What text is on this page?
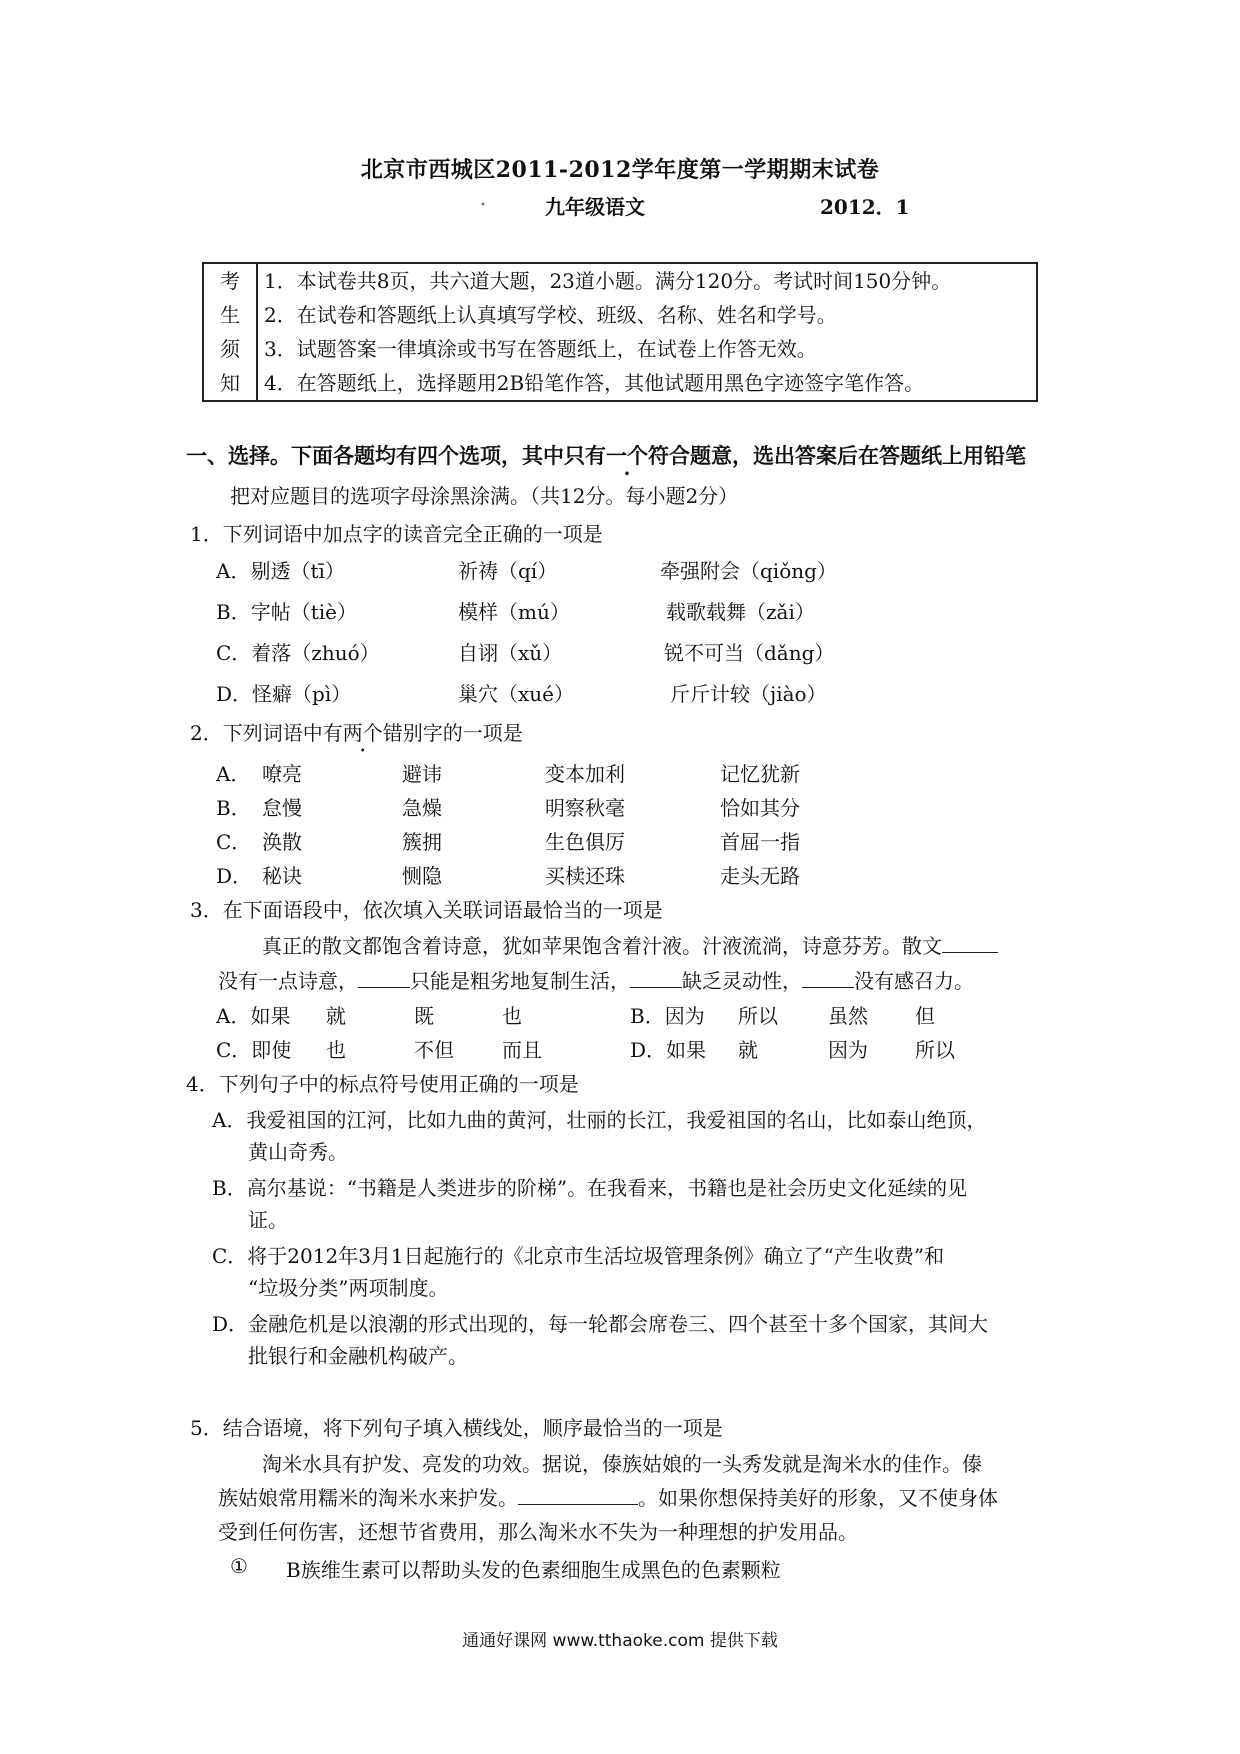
北京市西城区2011-2012学年度第一学期期末试卷
•	九年级语文	2012．1
考
生
须
知

1．本试卷共8页，共六道大题，23道小题。满分120分。考试时间150分钟。
2．在试卷和答题纸上认真填写学校、班级、名称、姓名和学号。
3．试题答案一律填涂或书写在答题纸上，在试卷上作答无效。
4．在答题纸上，选择题用2B铅笔作答，其他试题用黑色字迹签字笔作答。
一、选择。下面各题均有四个选项，其中只有一个符合题意，选出答案后在答题纸上用铅笔
把对应题目的选项字母涂黑涂满。（共12分。每小题2分）
1．下列词语中加点字的读音完全正确的一项是
A．剔透（tī）	祈祷（qí）	牵强附会（qiǒng）
B．字帖（tiè）	模样（mú）	载歌载舞（zǎi）
C．着落（zhuó）	自诩（xǔ）	锐不可当（dǎng）
D．怪癖（pì）	巢穴（xué）	斤斤计较（jiào）
2．下列词语中有两个错别字的一项是
A． 嘹亮	避讳	变本加利	记忆犹新
B． 怠慢	急燥	明察秋毫	恰如其分
C． 涣散	簇拥	生色俱厉	首屈一指
D． 秘诀	恻隐	买椟还珠	走头无路
3．在下面语段中，依次填入关联词语最恰当的一项是
真正的散文都饱含着诗意，犹如苹果饱含着汁液。汁液流淌，诗意芬芳。散文
没有一点诗意，	只能是粗劣地复制生活，	缺乏灵动性，	没有感召力。
A．如果 就	既	也	B．因为 所以	虽然 但
C．即使 也	不但 而且	D．如果 就	因为 所以
4．下列句子中的标点符号使用正确的一项是
A．我爱祖国的江河，比如九曲的黄河，壮丽的长江，我爱祖国的名山，比如泰山绝顶，
黄山奇秀。
B．高尔基说：“书籍是人类进步的阶梯”。在我看来，书籍也是社会历史文化延续的见
证。
C．将于2012年3月1日起施行的《北京市生活垃圾管理条例》确立了“产生收费”和
“垃圾分类”两项制度。
D．金融危机是以浪潮的形式出现的，每一轮都会席卷三、四个甚至十多个国家，其间大
批银行和金融机构破产。
5．结合语境，将下列句子填入横线处，顺序最恰当的一项是
淘米水具有护发、亮发的功效。据说，傣族姑娘的一头秀发就是淘米水的佳作。傣
族姑娘常用糯米的淘米水来护发。	。如果你想保持美好的形象，又不使身体
受到任何伤害，还想节省费用，那么淘米水不失为一种理想的护发用品。
① B族维生素可以帮助头发的色素细胞生成黑色的色素颗粒
通通好课网 www.tthaoke.com 提供下载
